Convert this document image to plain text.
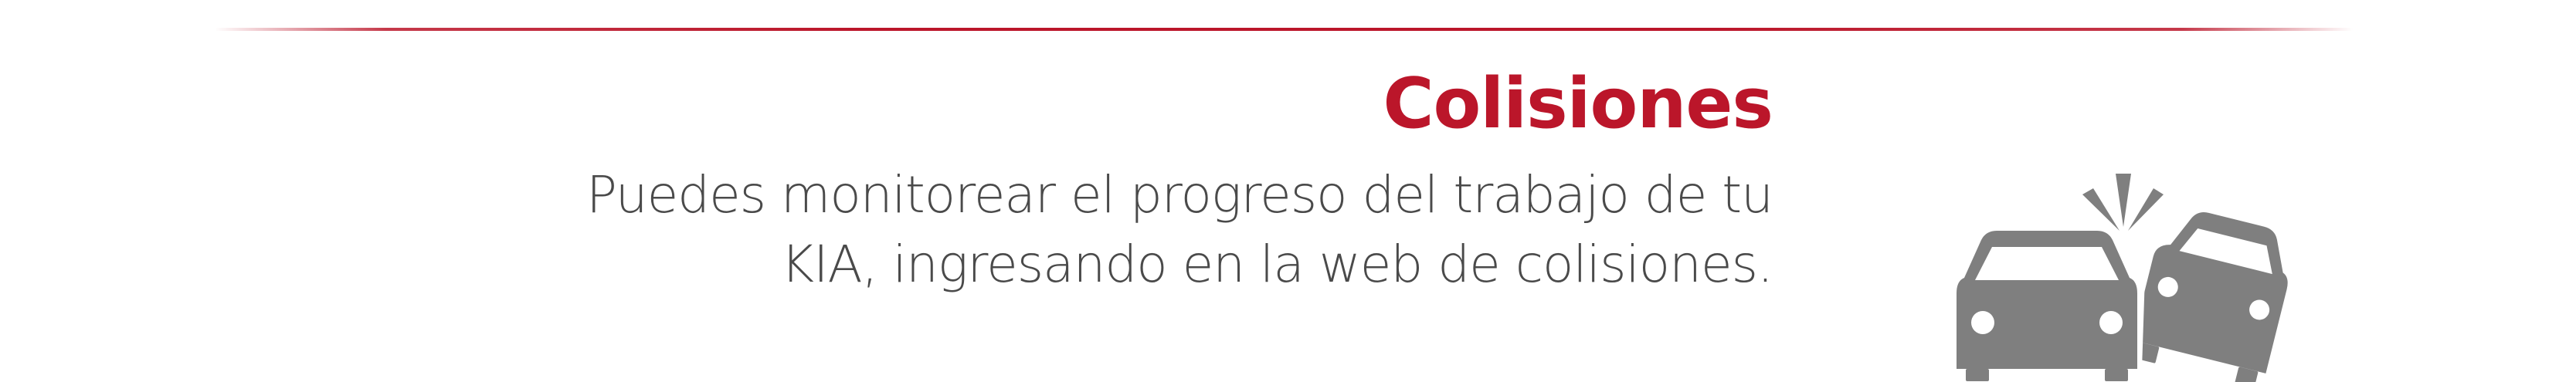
Colisiones

Puedes monitorear el progreso del trabajo de tu
KIA, ingresando en la web de colisiones.
